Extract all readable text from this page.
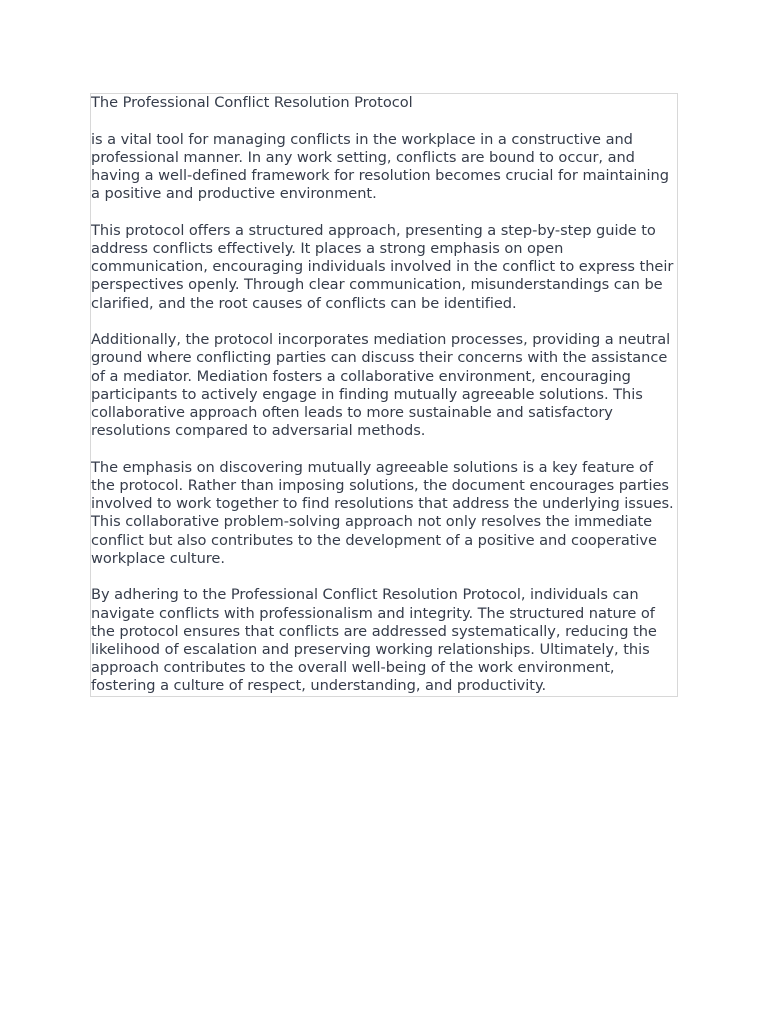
The Professional Conflict Resolution Protocol

is a vital tool for managing conflicts in the workplace in a constructive and professional manner. In any work setting, conflicts are bound to occur, and having a well-defined framework for resolution becomes crucial for maintaining a positive and productive environment.

This protocol offers a structured approach, presenting a step-by-step guide to address conflicts effectively. It places a strong emphasis on open communication, encouraging individuals involved in the conflict to express their perspectives openly. Through clear communication, misunderstandings can be clarified, and the root causes of conflicts can be identified.

Additionally, the protocol incorporates mediation processes, providing a neutral ground where conflicting parties can discuss their concerns with the assistance of a mediator. Mediation fosters a collaborative environment, encouraging participants to actively engage in finding mutually agreeable solutions. This collaborative approach often leads to more sustainable and satisfactory resolutions compared to adversarial methods.

The emphasis on discovering mutually agreeable solutions is a key feature of the protocol. Rather than imposing solutions, the document encourages parties involved to work together to find resolutions that address the underlying issues. This collaborative problem-solving approach not only resolves the immediate conflict but also contributes to the development of a positive and cooperative workplace culture.

By adhering to the Professional Conflict Resolution Protocol, individuals can navigate conflicts with professionalism and integrity. The structured nature of the protocol ensures that conflicts are addressed systematically, reducing the likelihood of escalation and preserving working relationships. Ultimately, this approach contributes to the overall well-being of the work environment, fostering a culture of respect, understanding, and productivity.
